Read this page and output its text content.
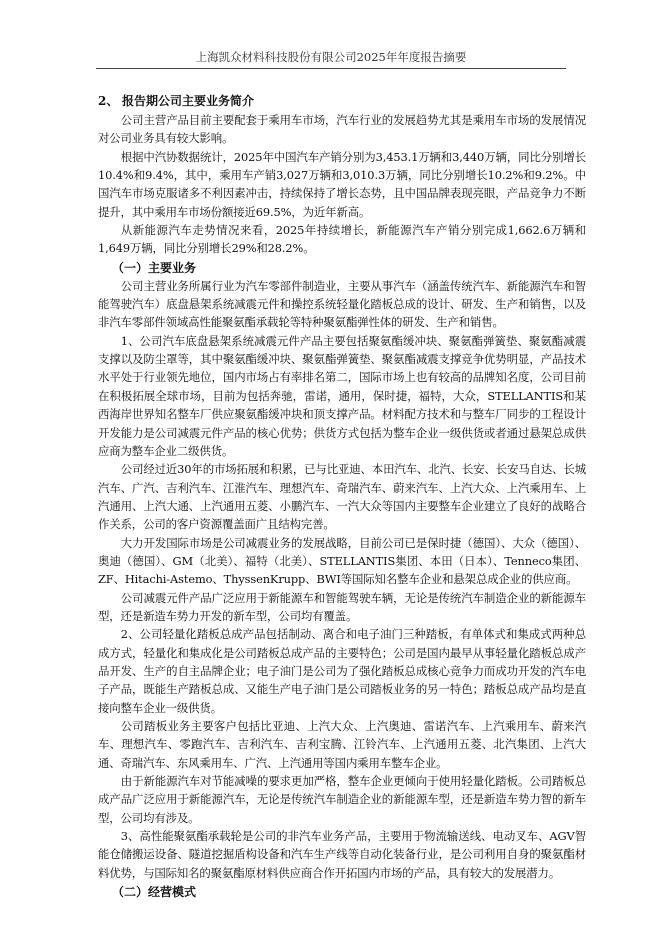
上海凯众材料科技股份有限公司2025年年度报告摘要
2、 报告期公司主要业务简介

公司主营产品目前主要配套于乘用车市场，汽车行业的发展趋势尤其是乘用车市场的发展情况对公司业务具有较大影响。

根据中汽协数据统计，2025年中国汽车产销分别为3,453.1万辆和3,440万辆，同比分别增长10.4%和9.4%，其中，乘用车产销3,027万辆和3,010.3万辆，同比分别增长10.2%和9.2%。中国汽车市场克服诸多不利因素冲击，持续保持了增长态势，且中国品牌表现亮眼，产品竞争力不断提升，其中乘用车市场份额接近69.5%，为近年新高。

从新能源汽车走势情况来看，2025年持续增长，新能源汽车产销分别完成1,662.6万辆和1,649万辆，同比分别增长29%和28.2%。

（一）主要业务

公司主营业务所属行业为汽车零部件制造业，主要从事汽车（涵盖传统汽车、新能源汽车和智能驾驶汽车）底盘悬架系统减震元件和操控系统轻量化踏板总成的设计、研发、生产和销售，以及非汽车零部件领域高性能聚氨酯承载轮等特种聚氨酯弹性体的研发、生产和销售。

1、公司汽车底盘悬架系统减震元件产品主要包括聚氨酯缓冲块、聚氨酯弹簧垫、聚氨酯减震支撑以及防尘罩等，其中聚氨酯缓冲块、聚氨酯弹簧垫、聚氨酯减震支撑竞争优势明显，产品技术水平处于行业领先地位，国内市场占有率排名第二，国际市场上也有较高的品牌知名度，公司目前在积极拓展全球市场，目前为包括奔驰，雷诺，通用，保时捷，福特，大众，STELLANTIS和某西海岸世界知名整车厂供应聚氨酯缓冲块和顶支撑产品。材料配方技术和与整车厂同步的工程设计开发能力是公司减震元件产品的核心优势；供货方式包括为整车企业一级供货或者通过悬架总成供应商为整车企业二级供货。

公司经过近30年的市场拓展和积累，已与比亚迪、本田汽车、北汽、长安、长安马自达、长城汽车、广汽、吉利汽车、江淮汽车、理想汽车、奇瑞汽车、蔚来汽车、上汽大众、上汽乘用车、上汽通用、上汽大通、上汽通用五菱、小鹏汽车、一汽大众等国内主要整车企业建立了良好的战略合作关系，公司的客户资源覆盖面广且结构完善。

大力开发国际市场是公司减震业务的发展战略，目前公司已是保时捷（德国）、大众（德国）、奥迪（德国）、GM（北美）、福特（北美）、STELLANTIS集团、本田（日本）、Tenneco集团、ZF、Hitachi-Astemo、ThyssenKrupp、BWI等国际知名整车企业和悬架总成企业的供应商。

公司减震元件产品广泛应用于新能源车和智能驾驶车辆，无论是传统汽车制造企业的新能源车型，还是新造车势力开发的新车型，公司均有覆盖。

2、公司轻量化踏板总成产品包括制动、离合和电子油门三种踏板，有单体式和集成式两种总成方式，轻量化和集成化是公司踏板总成产品的主要特色；公司是国内最早从事轻量化踏板总成产品开发、生产的自主品牌企业；电子油门是公司为了强化踏板总成核心竞争力而成功开发的汽车电子产品，既能生产踏板总成、又能生产电子油门是公司踏板业务的另一特色；踏板总成产品均是直接向整车企业一级供货。

公司踏板业务主要客户包括比亚迪、上汽大众、上汽奥迪、雷诺汽车、上汽乘用车、蔚来汽车、理想汽车、零跑汽车、吉利汽车、吉利宝腾、江铃汽车、上汽通用五菱、北汽集团、上汽大通、奇瑞汽车、东风乘用车、广汽、上汽通用等国内乘用车整车企业。

由于新能源汽车对节能减噪的要求更加严格，整车企业更倾向于使用轻量化踏板。公司踏板总成产品广泛应用于新能源汽车，无论是传统汽车制造企业的新能源车型，还是新造车势力智的新车型，公司均有涉及。

3、高性能聚氨酯承载轮是公司的非汽车业务产品，主要用于物流输送线、电动叉车、AGV智能仓储搬运设备、隧道挖掘盾构设备和汽车生产线等自动化装备行业，是公司利用自身的聚氨酯材料优势，与国际知名的聚氨酯原材料供应商合作开拓国内市场的产品，具有较大的发展潜力。

（二）经营模式
